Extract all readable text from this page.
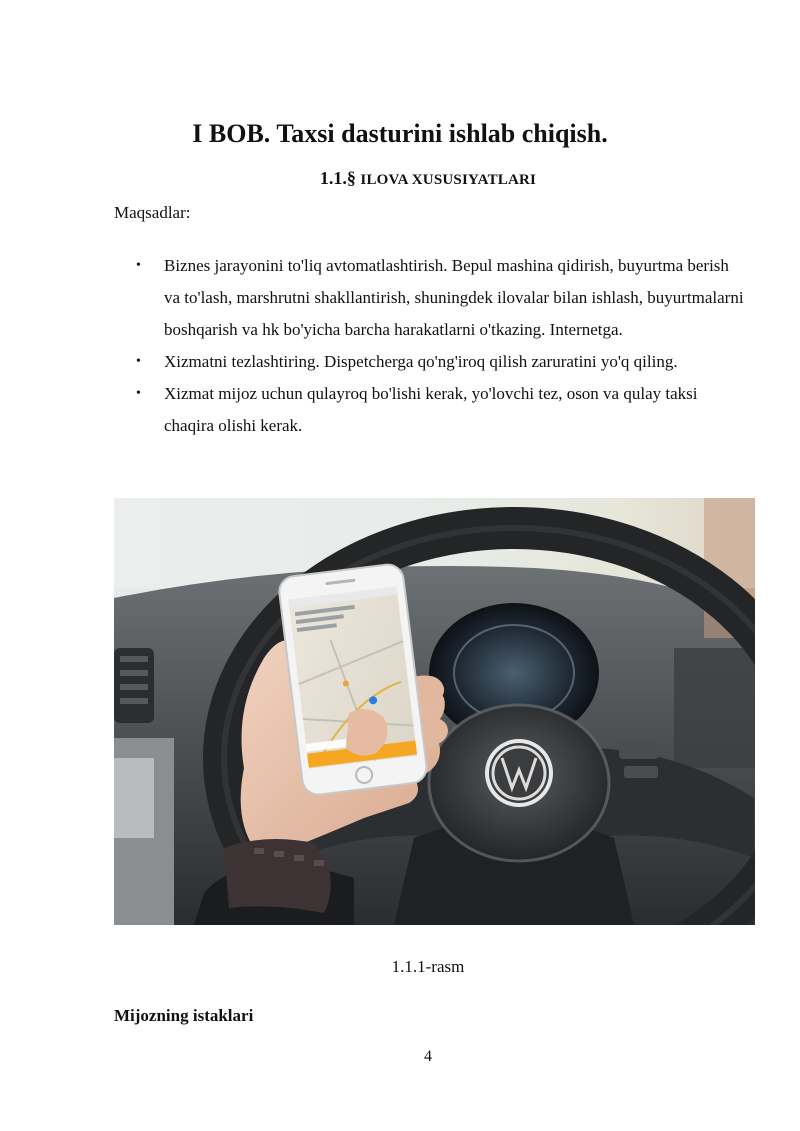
I BOB. Taxsi dasturini ishlab chiqish.
1.1.§ ILOVA XUSUSIYATLARI
Maqsadlar:
• Biznes jarayonini to'liq avtomatlashtirish. Bepul mashina qidirish, buyurtma berish va to'lash, marshrutni shakllantirish, shuningdek ilovalar bilan ishlash, buyurtmalarni boshqarish va hk bo'yicha barcha harakatlarni o'tkazing. Internetga.
• Xizmatni tezlashtiring. Dispetcherga qo'ng'iroq qilish zaruratini yo'q qiling.
• Xizmat mijoz uchun qulayroq bo'lishi kerak, yo'lovchi tez, oson va qulay taksi chaqira olishi kerak.
1.1.1-rasm
Mijozning istaklari
4
